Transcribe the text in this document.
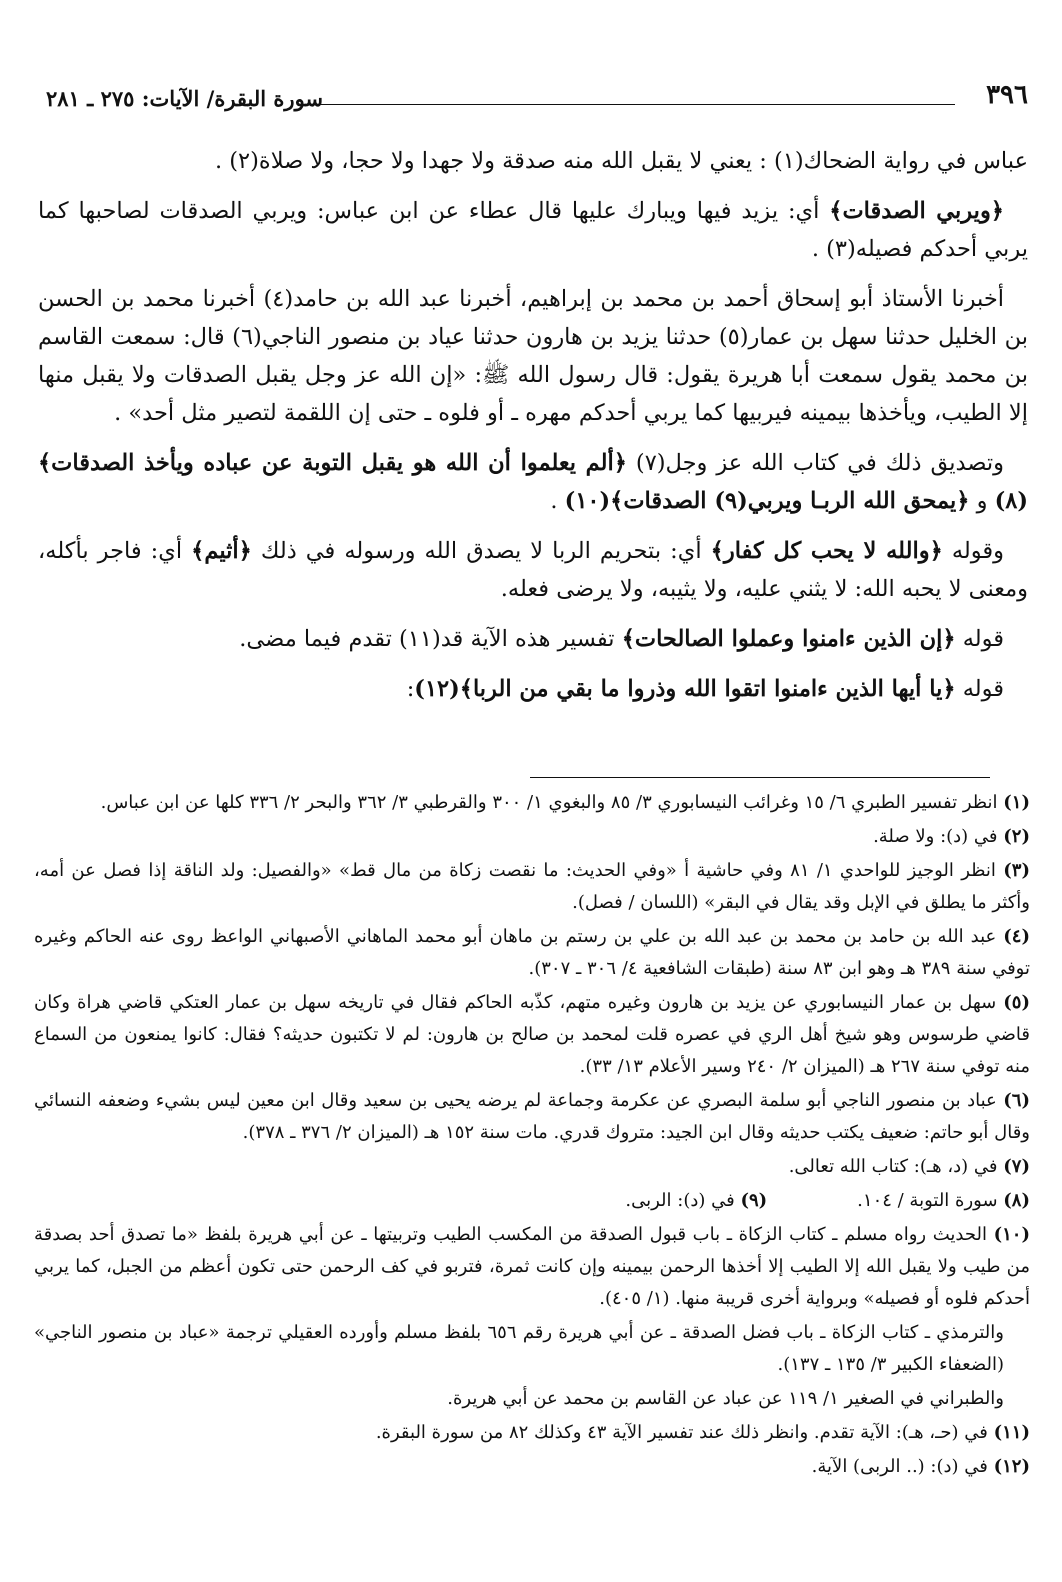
٣٩٦
سورة البقرة/ الآيات: ٢٧٥ ـ ٢٨١

عباس في رواية الضحاك(١) : يعني لا يقبل الله منه صدقة ولا جهدا ولا حجا، ولا صلاة(٢) .

﴿ويربي الصدقات﴾ أي: يزيد فيها ويبارك عليها قال عطاء عن ابن عباس: ويربي الصدقات لصاحبها كما يربي أحدكم فصيله(٣) .

أخبرنا الأستاذ أبو إسحاق أحمد بن محمد بن إبراهيم، أخبرنا عبد الله بن حامد(٤) أخبرنا محمد بن الحسن بن الخليل حدثنا سهل بن عمار(٥) حدثنا يزيد بن هارون حدثنا عياد بن منصور الناجي(٦) قال: سمعت القاسم بن محمد يقول سمعت أبا هريرة يقول: قال رسول الله ﷺ: «إن الله عز وجل يقبل الصدقات ولا يقبل منها إلا الطيب، ويأخذها بيمينه فيربيها كما يربي أحدكم مهره ـ أو فلوه ـ حتى إن اللقمة لتصير مثل أحد» .

وتصديق ذلك في كتاب الله عز وجل(٧) ﴿ألم يعلموا أن الله هو يقبل التوبة عن عباده ويأخذ الصدقات﴾(٨) و ﴿يمحق الله الربـا ويربي(٩) الصدقات﴾(١٠) .

وقوله ﴿والله لا يحب كل كفار﴾ أي: بتحريم الربا لا يصدق الله ورسوله في ذلك ﴿أثيم﴾ أي: فاجر بأكله، ومعنى لا يحبه الله: لا يثني عليه، ولا يثيبه، ولا يرضى فعله.

قوله ﴿إن الذين ءامنوا وعملوا الصالحات﴾ تفسير هذه الآية قد(١١) تقدم فيما مضى.

قوله ﴿يا أيها الذين ءامنوا اتقوا الله وذروا ما بقي من الربا﴾(١٢):

(١) انظر تفسير الطبري ٦/ ١٥ وغرائب النيسابوري ٣/ ٨٥ والبغوي ١/ ٣٠٠ والقرطبي ٣/ ٣٦٢ والبحر ٢/ ٣٣٦ كلها عن ابن عباس.

(٢) في (د): ولا صلة.

(٣) انظر الوجيز للواحدي ١/ ٨١ وفي حاشية أ «وفي الحديث: ما نقصت زكاة من مال قط» «والفصيل: ولد الناقة إذا فصل عن أمه، وأكثر ما يطلق في الإبل وقد يقال في البقر» (اللسان / فصل).

(٤) عبد الله بن حامد بن محمد بن عبد الله بن علي بن رستم بن ماهان أبو محمد الماهاني الأصبهاني الواعظ روى عنه الحاكم وغيره توفي سنة ٣٨٩ هـ وهو ابن ٨٣ سنة (طبقات الشافعية ٤/ ٣٠٦ ـ ٣٠٧).

(٥) سهل بن عمار النيسابوري عن يزيد بن هارون وغيره متهم، كذّبه الحاكم فقال في تاريخه سهل بن عمار العتكي قاضي هراة وكان قاضي طرسوس وهو شيخ أهل الري في عصره قلت لمحمد بن صالح بن هارون: لم لا تكتبون حديثه؟ فقال: كانوا يمنعون من السماع منه توفي سنة ٢٦٧ هـ (الميزان ٢/ ٢٤٠ وسير الأعلام ١٣/ ٣٣).

(٦) عباد بن منصور الناجي أبو سلمة البصري عن عكرمة وجماعة لم يرضه يحيى بن سعيد وقال ابن معين ليس بشيء وضعفه النسائي وقال أبو حاتم: ضعيف يكتب حديثه وقال ابن الجيد: متروك قدري. مات سنة ١٥٢ هـ (الميزان ٢/ ٣٧٦ ـ ٣٧٨).

(٧) في (د، هـ): كتاب الله تعالى.

(٨) سورة التوبة / ١٠٤.

(٩) في (د): الربى.

(١٠) الحديث رواه مسلم ـ كتاب الزكاة ـ باب قبول الصدقة من المكسب الطيب وتربيتها ـ عن أبي هريرة بلفظ «ما تصدق أحد بصدقة من طيب ولا يقبل الله إلا الطيب إلا أخذها الرحمن بيمينه وإن كانت ثمرة، فتربو في كف الرحمن حتى تكون أعظم من الجبل، كما يربي أحدكم فلوه أو فصيله» وبرواية أخرى قريبة منها. (١/ ٤٠٥).

والترمذي ـ كتاب الزكاة ـ باب فضل الصدقة ـ عن أبي هريرة رقم ٦٥٦ بلفظ مسلم وأورده العقيلي ترجمة «عباد بن منصور الناجي» (الضعفاء الكبير ٣/ ١٣٥ ـ ١٣٧).

والطبراني في الصغير ١/ ١١٩ عن عباد عن القاسم بن محمد عن أبي هريرة.

(١١) في (حـ، هـ): الآية تقدم. وانظر ذلك عند تفسير الآية ٤٣ وكذلك ٨٢ من سورة البقرة.

(١٢) في (د): (.. الربى) الآية.
